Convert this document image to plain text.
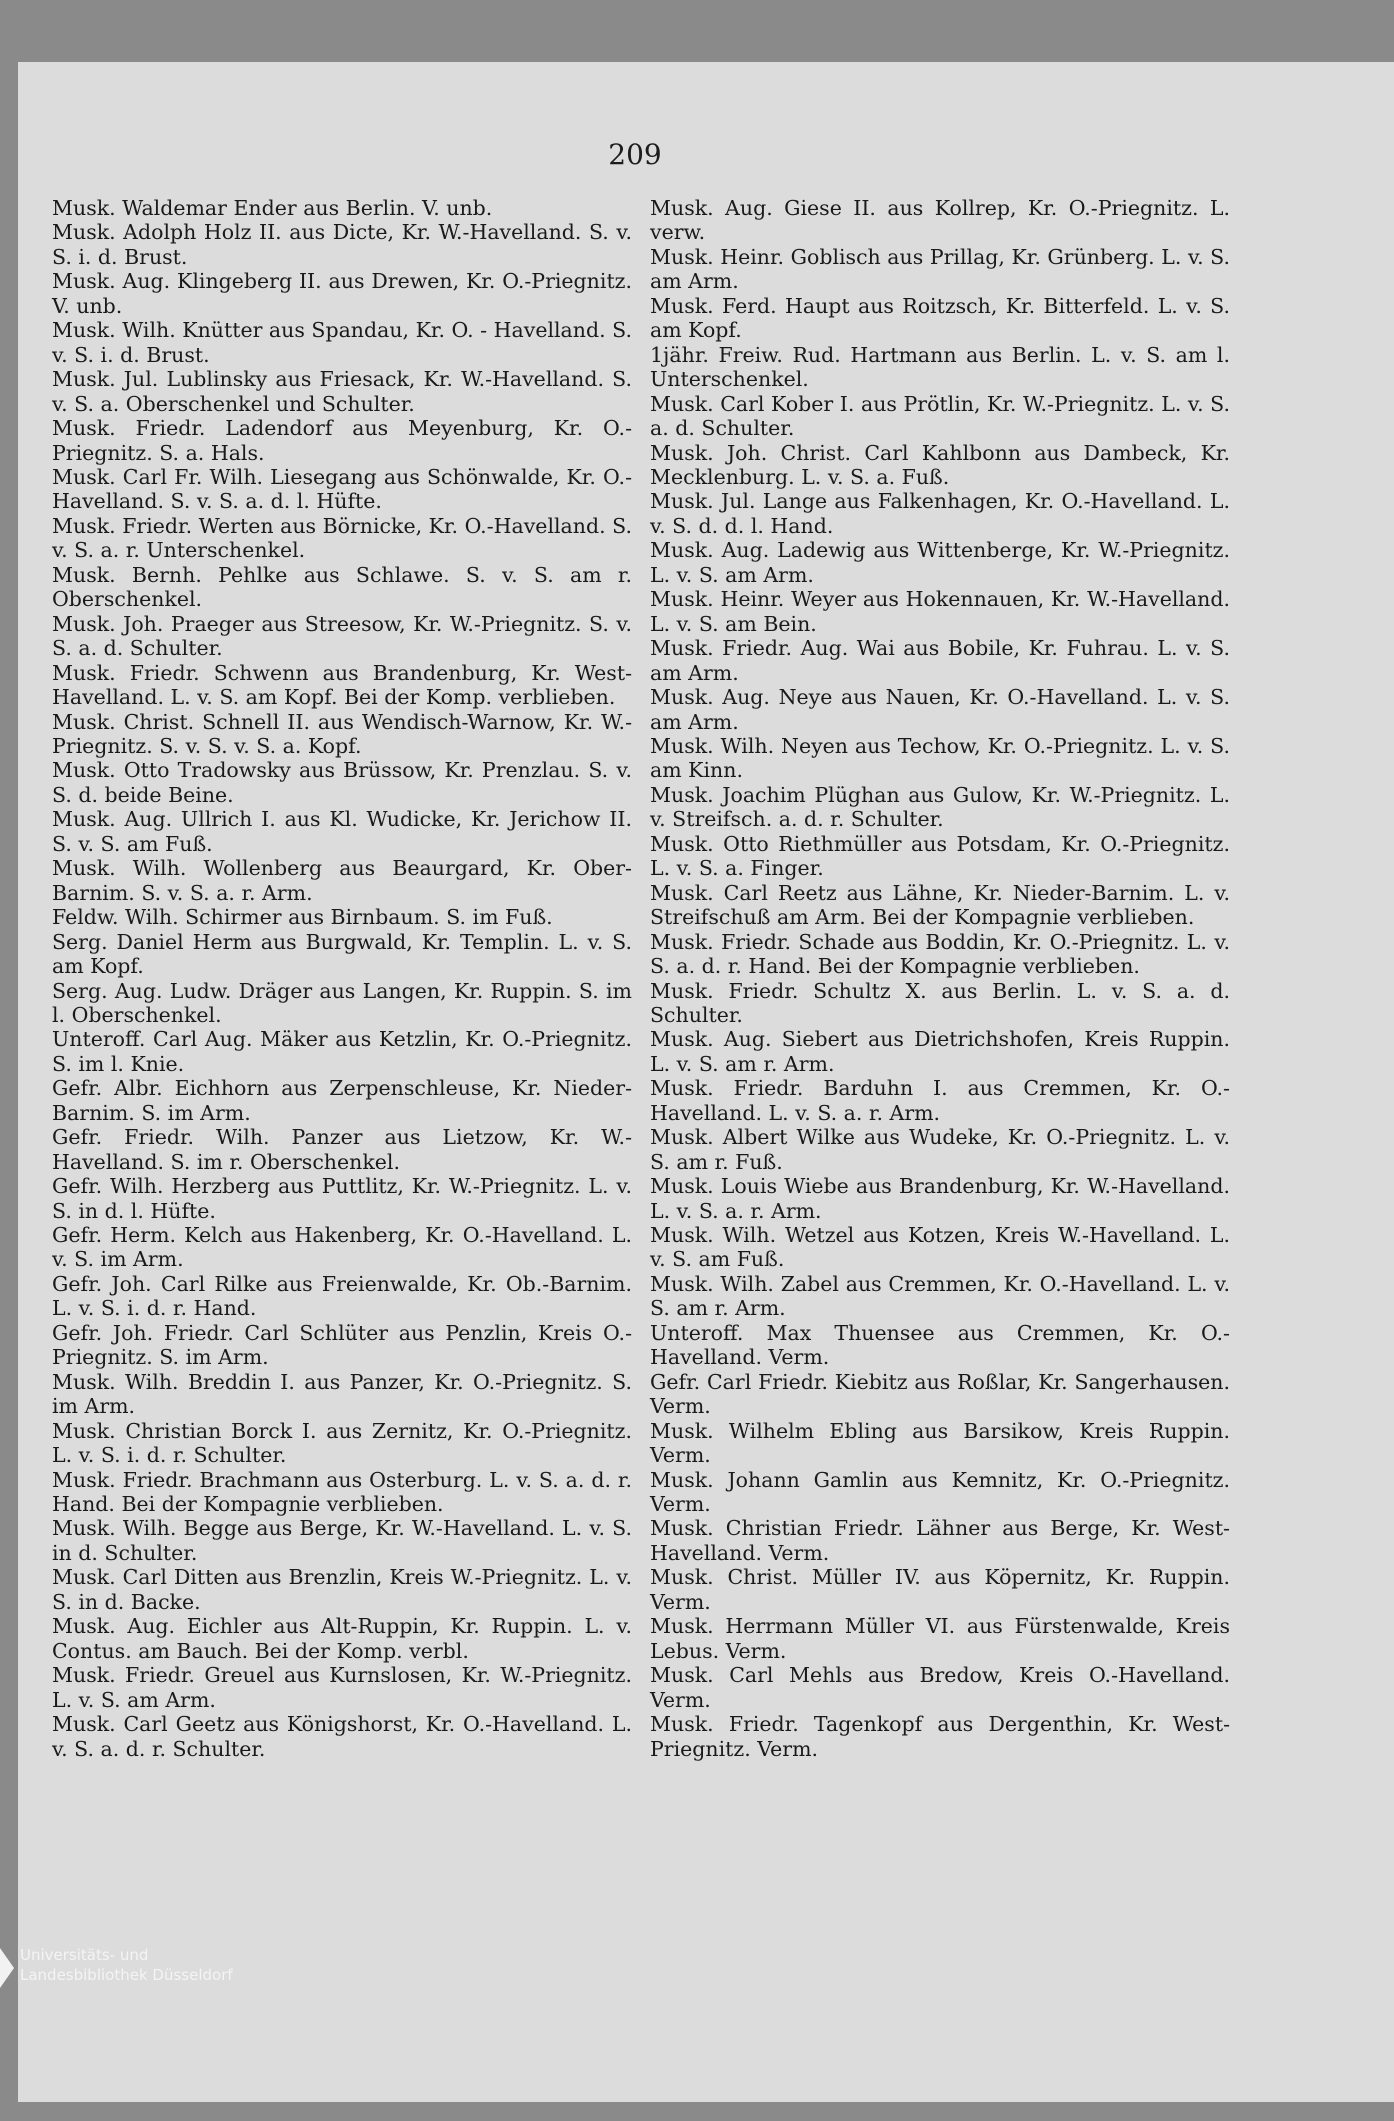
209
Musk. Waldemar Ender aus Berlin. V. unb.
Musk. Adolph Holz II. aus Dicte, Kr. W.-Havelland. S. v. S. i. d. Brust.
Musk. Aug. Klingeberg II. aus Drewen, Kr. O.-Priegnitz. V. unb.
Musk. Wilh. Knütter aus Spandau, Kr. O. - Havelland. S. v. S. i. d. Brust.
Musk. Jul. Lublinsky aus Friesack, Kr. W.-Havelland. S. v. S. a. Oberschenkel und Schulter.
Musk. Friedr. Ladendorf aus Meyenburg, Kr. O.-Priegnitz. S. a. Hals.
Musk. Carl Fr. Wilh. Liesegang aus Schönwalde, Kr. O.-Havelland. S. v. S. a. d. l. Hüfte.
Musk. Friedr. Werten aus Börnicke, Kr. O.-Havelland. S. v. S. a. r. Unterschenkel.
Musk. Bernh. Pehlke aus Schlawe. S. v. S. am r. Oberschenkel.
Musk. Joh. Praeger aus Streesow, Kr. W.-Priegnitz. S. v. S. a. d. Schulter.
Musk. Friedr. Schwenn aus Brandenburg, Kr. West-Havelland. L. v. S. am Kopf. Bei der Komp. verblieben.
Musk. Christ. Schnell II. aus Wendisch-Warnow, Kr. W.-Priegnitz. S. v. S. v. S. a. Kopf.
Musk. Otto Tradowsky aus Brüssow, Kr. Prenzlau. S. v. S. d. beide Beine.
Musk. Aug. Ullrich I. aus Kl. Wudicke, Kr. Jerichow II. S. v. S. am Fuß.
Musk. Wilh. Wollenberg aus Beaurgard, Kr. Ober-Barnim. S. v. S. a. r. Arm.
Feldw. Wilh. Schirmer aus Birnbaum. S. im Fuß.
Serg. Daniel Herm aus Burgwald, Kr. Templin. L. v. S. am Kopf.
Serg. Aug. Ludw. Dräger aus Langen, Kr. Ruppin. S. im l. Oberschenkel.
Unteroff. Carl Aug. Mäker aus Ketzlin, Kr. O.-Priegnitz. S. im l. Knie.
Gefr. Albr. Eichhorn aus Zerpenschleuse, Kr. Nieder-Barnim. S. im Arm.
Gefr. Friedr. Wilh. Panzer aus Lietzow, Kr. W.-Havelland. S. im r. Oberschenkel.
Gefr. Wilh. Herzberg aus Puttlitz, Kr. W.-Priegnitz. L. v. S. in d. l. Hüfte.
Gefr. Herm. Kelch aus Hakenberg, Kr. O.-Havelland. L. v. S. im Arm.
Gefr. Joh. Carl Rilke aus Freienwalde, Kr. Ob.-Barnim. L. v. S. i. d. r. Hand.
Gefr. Joh. Friedr. Carl Schlüter aus Penzlin, Kreis O.-Priegnitz. S. im Arm.
Musk. Wilh. Breddin I. aus Panzer, Kr. O.-Priegnitz. S. im Arm.
Musk. Christian Borck I. aus Zernitz, Kr. O.-Priegnitz. L. v. S. i. d. r. Schulter.
Musk. Friedr. Brachmann aus Osterburg. L. v. S. a. d. r. Hand. Bei der Kompagnie verblieben.
Musk. Wilh. Begge aus Berge, Kr. W.-Havelland. L. v. S. in d. Schulter.
Musk. Carl Ditten aus Brenzlin, Kreis W.-Priegnitz. L. v. S. in d. Backe.
Musk. Aug. Eichler aus Alt-Ruppin, Kr. Ruppin. L. v. Contus. am Bauch. Bei der Komp. verbl.
Musk. Friedr. Greuel aus Kurnslosen, Kr. W.-Priegnitz. L. v. S. am Arm.
Musk. Carl Geetz aus Königshorst, Kr. O.-Havelland. L. v. S. a. d. r. Schulter.
Musk. Aug. Giese II. aus Kollrep, Kr. O.-Priegnitz. L. verw.
Musk. Heinr. Goblisch aus Prillag, Kr. Grünberg. L. v. S. am Arm.
Musk. Ferd. Haupt aus Roitzsch, Kr. Bitterfeld. L. v. S. am Kopf.
1jähr. Freiw. Rud. Hartmann aus Berlin. L. v. S. am l. Unterschenkel.
Musk. Carl Kober I. aus Prötlin, Kr. W.-Priegnitz. L. v. S. a. d. Schulter.
Musk. Joh. Christ. Carl Kahlbonn aus Dambeck, Kr. Mecklenburg. L. v. S. a. Fuß.
Musk. Jul. Lange aus Falkenhagen, Kr. O.-Havelland. L. v. S. d. d. l. Hand.
Musk. Aug. Ladewig aus Wittenberge, Kr. W.-Priegnitz. L. v. S. am Arm.
Musk. Heinr. Weyer aus Hokennauen, Kr. W.-Havelland. L. v. S. am Bein.
Musk. Friedr. Aug. Wai aus Bobile, Kr. Fuhrau. L. v. S. am Arm.
Musk. Aug. Neye aus Nauen, Kr. O.-Havelland. L. v. S. am Arm.
Musk. Wilh. Neyen aus Techow, Kr. O.-Priegnitz. L. v. S. am Kinn.
Musk. Joachim Plüghan aus Gulow, Kr. W.-Priegnitz. L. v. Streifsch. a. d. r. Schulter.
Musk. Otto Riethmüller aus Potsdam, Kr. O.-Priegnitz. L. v. S. a. Finger.
Musk. Carl Reetz aus Lähne, Kr. Nieder-Barnim. L. v. Streifschuß am Arm. Bei der Kompagnie verblieben.
Musk. Friedr. Schade aus Boddin, Kr. O.-Priegnitz. L. v. S. a. d. r. Hand. Bei der Kompagnie verblieben.
Musk. Friedr. Schultz X. aus Berlin. L. v. S. a. d. Schulter.
Musk. Aug. Siebert aus Dietrichshofen, Kreis Ruppin. L. v. S. am r. Arm.
Musk. Friedr. Barduhn I. aus Cremmen, Kr. O.-Havelland. L. v. S. a. r. Arm.
Musk. Albert Wilke aus Wudeke, Kr. O.-Priegnitz. L. v. S. am r. Fuß.
Musk. Louis Wiebe aus Brandenburg, Kr. W.-Havelland. L. v. S. a. r. Arm.
Musk. Wilh. Wetzel aus Kotzen, Kreis W.-Havelland. L. v. S. am Fuß.
Musk. Wilh. Zabel aus Cremmen, Kr. O.-Havelland. L. v. S. am r. Arm.
Unteroff. Max Thuensee aus Cremmen, Kr. O.-Havelland. Verm.
Gefr. Carl Friedr. Kiebitz aus Roßlar, Kr. Sangerhausen. Verm.
Musk. Wilhelm Ebling aus Barsikow, Kreis Ruppin. Verm.
Musk. Johann Gamlin aus Kemnitz, Kr. O.-Priegnitz. Verm.
Musk. Christian Friedr. Lähner aus Berge, Kr. West-Havelland. Verm.
Musk. Christ. Müller IV. aus Köpernitz, Kr. Ruppin. Verm.
Musk. Herrmann Müller VI. aus Fürstenwalde, Kreis Lebus. Verm.
Musk. Carl Mehls aus Bredow, Kreis O.-Havelland. Verm.
Musk. Friedr. Tagenkopf aus Dergenthin, Kr. West-Priegnitz. Verm.
Universitäts- und
Landesbibliothek Düsseldorf
